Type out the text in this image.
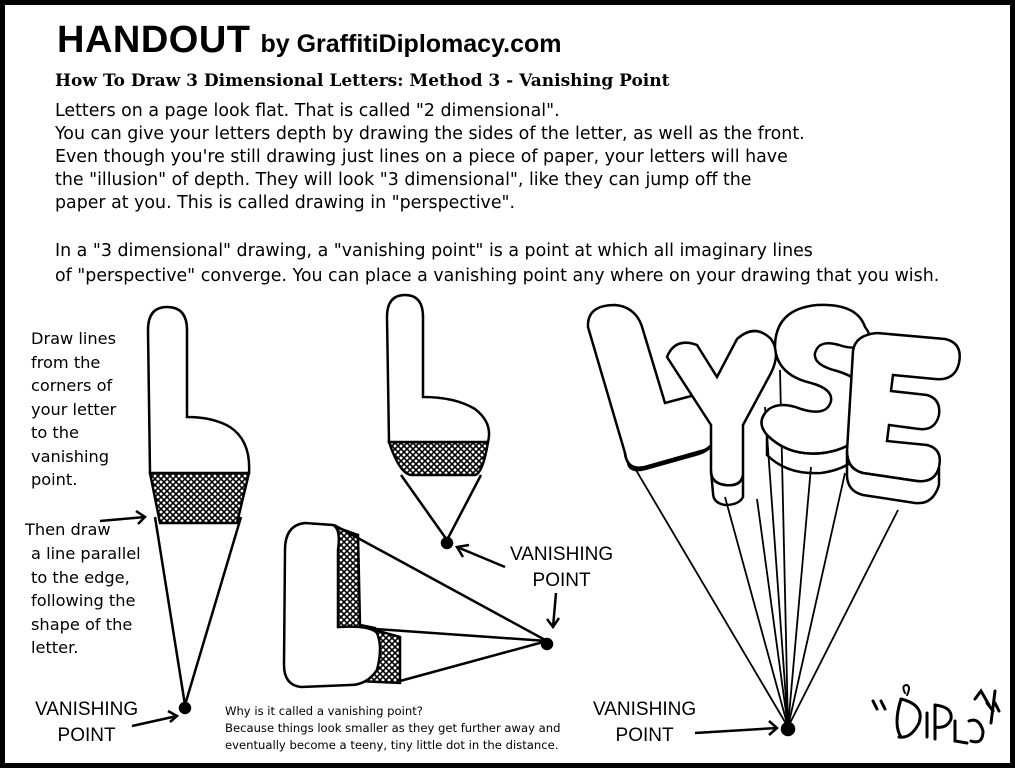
HANDOUT by GraffitiDiplomacy.com
How To Draw 3 Dimensional Letters: Method 3 - Vanishing Point
Letters on a page look flat. That is called "2 dimensional".
You can give your letters depth by drawing the sides of the letter, as well as the front.
Even though you're still drawing just lines on a piece of paper, your letters will have
the "illusion" of depth. They will look "3 dimensional", like they can jump off the
paper at you. This is called drawing in "perspective".
In a "3 dimensional" drawing, a "vanishing point" is a point at which all imaginary lines
of "perspective" converge. You can place a vanishing point any where on your drawing that you wish.
Draw lines
from the
corners of
your letter
to the
vanishing
point.
Then draw
a line parallel
to the edge,
following the
shape of the
letter.
VANISHING
POINT
VANISHING
POINT
VANISHING
POINT
Why is it called a vanishing point?
Because things look smaller as they get further away and
eventually become a teeny, tiny little dot in the distance.
